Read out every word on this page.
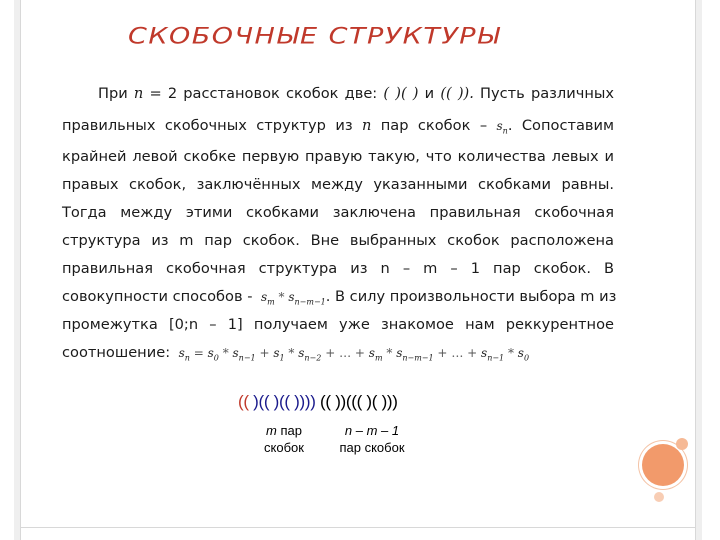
СКОБОЧНЫЕ СТРУКТУРЫ
При n = 2 расстановок скобок две: ( )( ) и (( )). Пусть различных
правильных скобочных структур из n пар скобок – $s_n$. Сопоставим
крайней левой скобке первую правую такую, что количества левых и
правых скобок, заключённых между указанными скобками равны.
Тогда между этими скобками заключена правильная скобочная
структура из m пар скобок. Вне выбранных скобок расположена
правильная скобочная структура из n – m – 1 пар скобок. В
совокупности способов -  $s_m * s_{n-m-1}$. В силу произвольности выбора m из
промежутка [0;n – 1] получаем уже знакомое нам реккурентное
соотношение:  $s_n = s_0 * s_{n-1} + s_1 * s_{n-2}$ + … + $s_m * s_{n-m-1}$ + … + $s_{n-1} * s_0$
(( )(( )(( )))) (( ))((( )( )))
m пар
скобок
n – m – 1
пар скобок
